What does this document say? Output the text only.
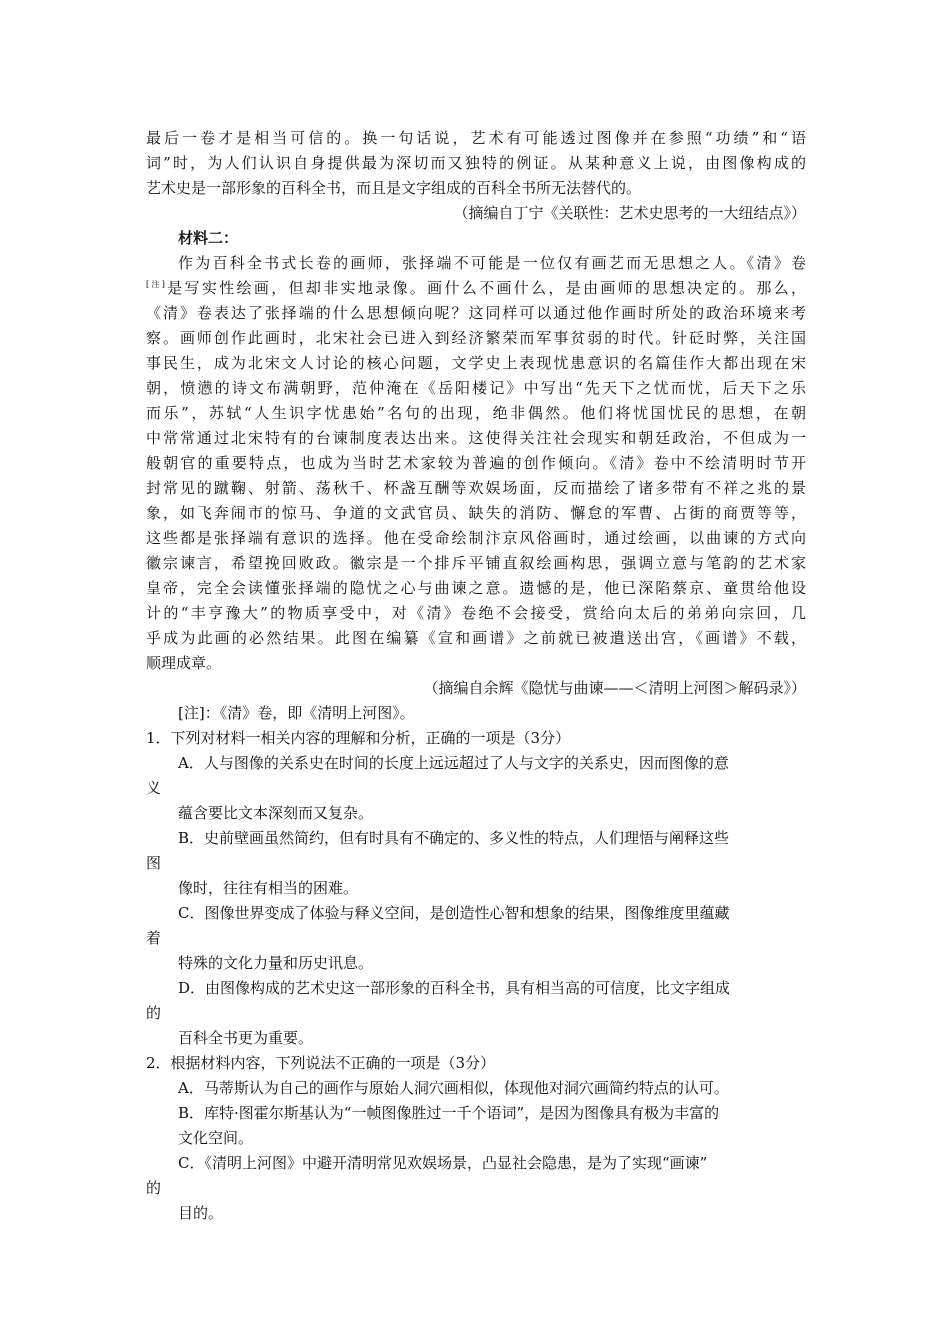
最后一卷才是相当可信的。换一句话说，艺术有可能透过图像并在参照“功绩”和“语
词”时，为人们认识自身提供最为深切而又独特的例证。从某种意义上说，由图像构成的
艺术史是一部形象的百科全书，而且是文字组成的百科全书所无法替代的。
（摘编自丁宁《关联性：艺术史思考的一大纽结点》）
材料二：
作为百科全书式长卷的画师，张择端不可能是一位仅有画艺而无思想之人。《清》卷
[注]是写实性绘画，但却非实地录像。画什么不画什么，是由画师的思想决定的。那么，
《清》卷表达了张择端的什么思想倾向呢？这同样可以通过他作画时所处的政治环境来考
察。画师创作此画时，北宋社会已进入到经济繁荣而军事贫弱的时代。针砭时弊，关注国
事民生，成为北宋文人讨论的核心问题，文学史上表现忧患意识的名篇佳作大都出现在宋
朝，愤懑的诗文布满朝野，范仲淹在《岳阳楼记》中写出“先天下之忧而忧，后天下之乐
而乐”，苏轼“人生识字忧患始”名句的出现，绝非偶然。他们将忧国忧民的思想，在朝
中常常通过北宋特有的台谏制度表达出来。这使得关注社会现实和朝廷政治，不但成为一
般朝官的重要特点，也成为当时艺术家较为普遍的创作倾向。《清》卷中不绘清明时节开
封常见的蹴鞠、射箭、荡秋千、杯盏互酬等欢娱场面，反而描绘了诸多带有不祥之兆的景
象，如飞奔闹市的惊马、争道的文武官员、缺失的消防、懈怠的军曹、占街的商贾等等，
这些都是张择端有意识的选择。他在受命绘制汴京风俗画时，通过绘画，以曲谏的方式向
徽宗谏言，希望挽回败政。徽宗是一个排斥平铺直叙绘画构思，强调立意与笔韵的艺术家
皇帝，完全会读懂张择端的隐忧之心与曲谏之意。遗憾的是，他已深陷蔡京、童贯给他设
计的“丰亨豫大”的物质享受中，对《清》卷绝不会接受，赏给向太后的弟弟向宗回，几
乎成为此画的必然结果。此图在编纂《宣和画谱》之前就已被遣送出宫，《画谱》不载，
顺理成章。
（摘编自余辉《隐忧与曲谏——＜清明上河图＞解码录》）
[注]：《清》卷，即《清明上河图》。
1．下列对材料一相关内容的理解和分析，正确的一项是（3分）
A．人与图像的关系史在时间的长度上远远超过了人与文字的关系史，因而图像的意
义
蕴含要比文本深刻而又复杂。
B．史前壁画虽然简约，但有时具有不确定的、多义性的特点，人们理悟与阐释这些
图
像时，往往有相当的困难。
C．图像世界变成了体验与释义空间，是创造性心智和想象的结果，图像维度里蕴藏
着
特殊的文化力量和历史讯息。
D．由图像构成的艺术史这一部形象的百科全书，具有相当高的可信度，比文字组成
的
百科全书更为重要。
2．根据材料内容，下列说法不正确的一项是（3分）
A．马蒂斯认为自己的画作与原始人洞穴画相似，体现他对洞穴画简约特点的认可。
B．库特·图霍尔斯基认为“一帧图像胜过一千个语词”，是因为图像具有极为丰富的
文化空间。
C．《清明上河图》中避开清明常见欢娱场景，凸显社会隐患，是为了实现“画谏”
的
目的。
